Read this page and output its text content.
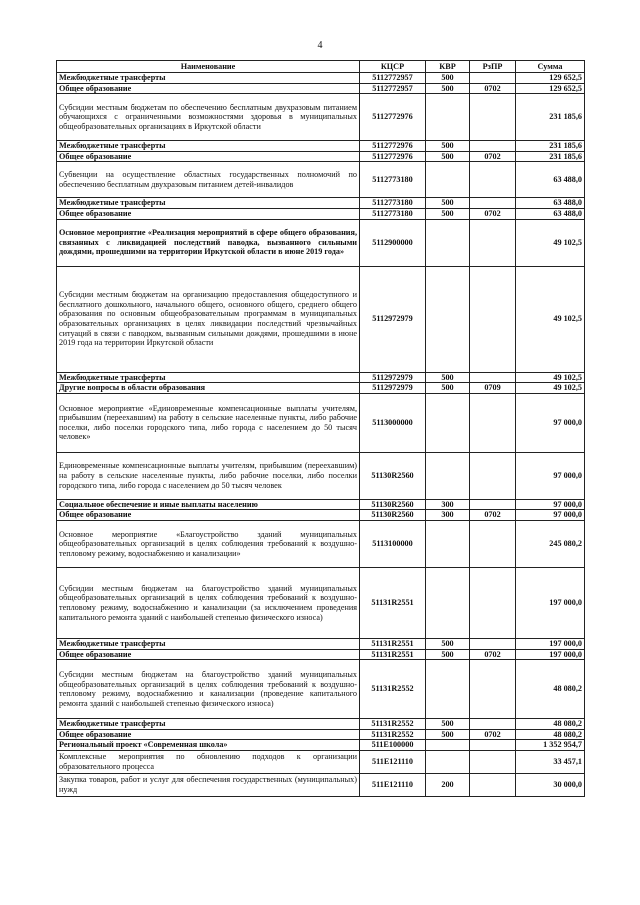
4
Наименование	КЦСР	КВР	РзПР	Сумма
Межбюджетные трансферты	5112772957	500		129 652,5
Общее образование	5112772957	500	0702	129 652,5
Субсидии местным бюджетам по обеспечению бесплатным двухразовым питанием обучающихся с ограниченными возможностями здоровья в муниципальных общеобразовательных организациях в Иркутской области	5112772976			231 185,6
Межбюджетные трансферты	5112772976	500		231 185,6
Общее образование	5112772976	500	0702	231 185,6
Субвенции на осуществление областных государственных полномочий по обеспечению бесплатным двухразовым питанием детей-инвалидов	5112773180			63 488,0
Межбюджетные трансферты	5112773180	500		63 488,0
Общее образование	5112773180	500	0702	63 488,0
Основное мероприятие «Реализация мероприятий в сфере общего образования, связанных с ликвидацией последствий паводка, вызванного сильными дождями, прошедшими на территории Иркутской области в июне 2019 года»	5112900000			49 102,5
Субсидии местным бюджетам на организацию предоставления общедоступного и бесплатного дошкольного, начального общего, основного общего, среднего общего образования по основным общеобразовательным программам в муниципальных образовательных организациях в целях ликвидации последствий чрезвычайных ситуаций в связи с паводком, вызванным сильными дождями, прошедшими в июне 2019 года на территории Иркутской области	5112972979			49 102,5
Межбюджетные трансферты	5112972979	500		49 102,5
Другие вопросы в области образования	5112972979	500	0709	49 102,5
Основное мероприятие «Единовременные компенсационные выплаты учителям, прибывшим (переехавшим) на работу в сельские населенные пункты, либо рабочие поселки, либо поселки городского типа, либо города с населением до 50 тысяч человек»	5113000000			97 000,0
Единовременные компенсационные выплаты учителям, прибывшим (переехавшим) на работу в сельские населенные пункты, либо рабочие поселки, либо поселки городского типа, либо города с населением до 50 тысяч человек	51130R2560			97 000,0
Социальное обеспечение и иные выплаты населению	51130R2560	300		97 000,0
Общее образование	51130R2560	300	0702	97 000,0
Основное мероприятие «Благоустройство зданий муниципальных общеобразовательных организаций в целях соблюдения требований к воздушно-тепловому режиму, водоснабжению и канализации»	5113100000			245 080,2
Субсидии местным бюджетам на благоустройство зданий муниципальных общеобразовательных организаций в целях соблюдения требований к воздушно-тепловому режиму, водоснабжению и канализации (за исключением проведения капитального ремонта зданий с наибольшей степенью физического износа)	51131R2551			197 000,0
Межбюджетные трансферты	51131R2551	500		197 000,0
Общее образование	51131R2551	500	0702	197 000,0
Субсидии местным бюджетам на благоустройство зданий муниципальных общеобразовательных организаций в целях соблюдения требований к воздушно-тепловому режиму, водоснабжению и канализации (проведение капитального ремонта зданий с наибольшей степенью физического износа)	51131R2552			48 080,2
Межбюджетные трансферты	51131R2552	500		48 080,2
Общее образование	51131R2552	500	0702	48 080,2
Региональный проект «Современная школа»	511E100000			1 352 954,7
Комплексные мероприятия по обновлению подходов к организации образовательного процесса	511E121110			33 457,1
Закупка товаров, работ и услуг для обеспечения государственных (муниципальных) нужд	511E121110	200		30 000,0
